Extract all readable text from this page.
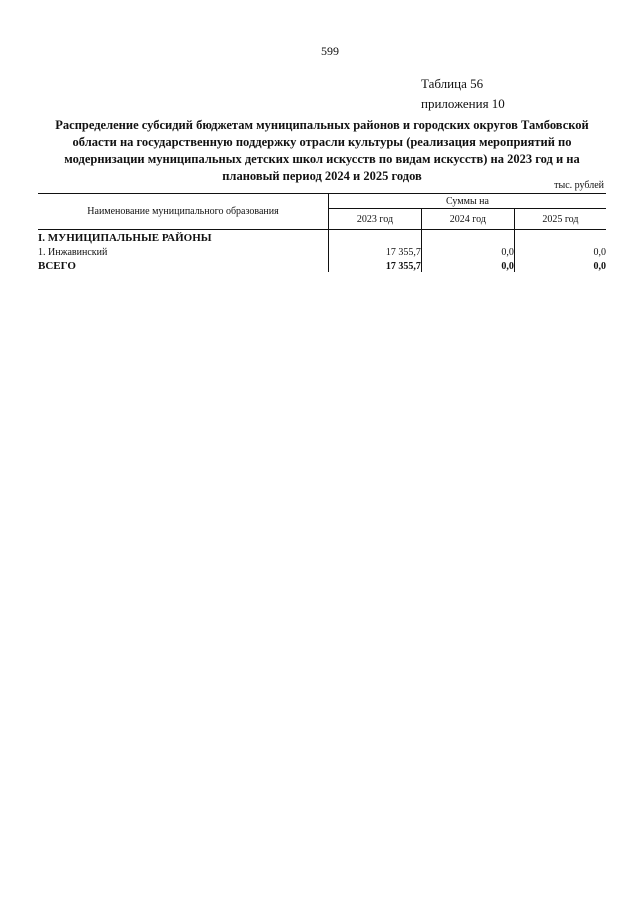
599
Таблица 56
приложения 10
Распределение субсидий бюджетам муниципальных районов и городских округов Тамбовской области на государственную поддержку отрасли культуры (реализация мероприятий по модернизации муниципальных детских школ искусств по видам искусств) на 2023 год и на плановый период 2024 и 2025 годов
тыс. рублей
Наименование муниципального образования	Суммы на		
	2023 год	2024 год	2025 год
I. МУНИЦИПАЛЬНЫЕ РАЙОНЫ			
1. Инжавинский	17 355,7	0,0	0,0
ВСЕГО	17 355,7	0,0	0,0
